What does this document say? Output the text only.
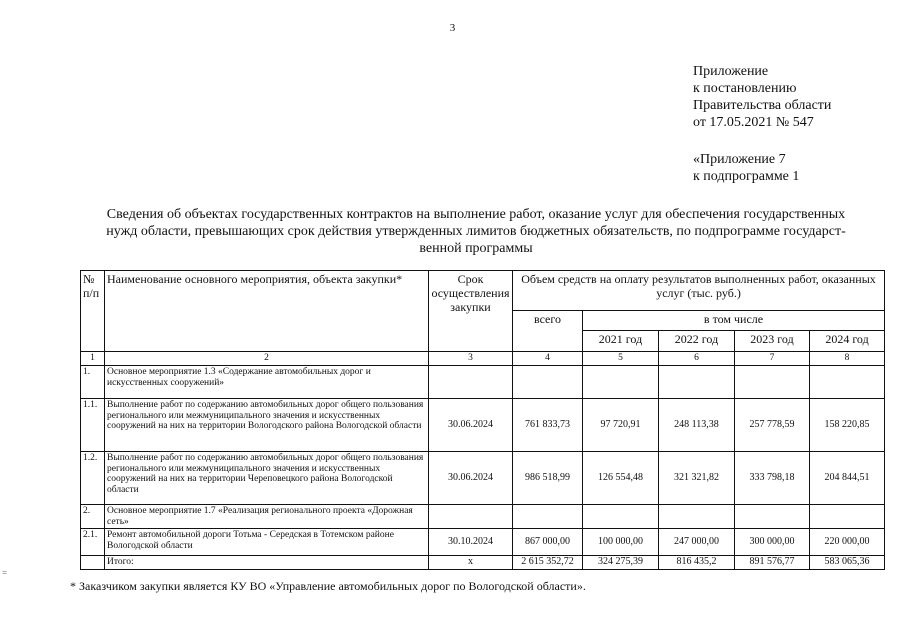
3
Приложение
к постановлению
Правительства области
от 17.05.2021 № 547
«Приложение 7
к подпрограмме 1
Сведения об объектах государственных контрактов на выполнение работ, оказание услуг для обеспечения государственных
нужд области, превышающих срок действия утвержденных лимитов бюджетных обязательств, по подпрограмме государст-
венной программы
№ п/п	Наименование основного мероприятия, объекта закупки*	Срок осуществления закупки	Объем средств на оплату результатов выполненных работ, оказанных услуг (тыс. руб.)				
			всего	в том числе			
				2021 год	2022 год	2023 год	2024 год
1	2	3	4	5	6	7	8
1.	Основное мероприятие 1.3 «Содержание автомобильных дорог и искусственных сооружений»						
1.1.	Выполнение работ по содержанию автомобильных дорог общего пользования регионального или межмуниципального значения и искусственных сооружений на них на территории Вологодского района Вологодской области	30.06.2024	761 833,73	97 720,91	248 113,38	257 778,59	158 220,85
1.2.	Выполнение работ по содержанию автомобильных дорог общего пользования регионального или межмуниципального значения и искусственных сооружений на них на территории Череповецкого района Вологодской области	30.06.2024	986 518,99	126 554,48	321 321,82	333 798,18	204 844,51
2.	Основное мероприятие 1.7 «Реализация регионального проекта «Дорожная сеть»						
2.1.	Ремонт автомобильной дороги Тотьма - Середская в Тотемском районе Вологодской области	30.10.2024	867 000,00	100 000,00	247 000,00	300 000,00	220 000,00
	Итого:	х	2 615 352,72	324 275,39	816 435,2	891 576,77	583 065,36
* Заказчиком закупки является КУ ВО «Управление автомобильных дорог по Вологодской области».
=
